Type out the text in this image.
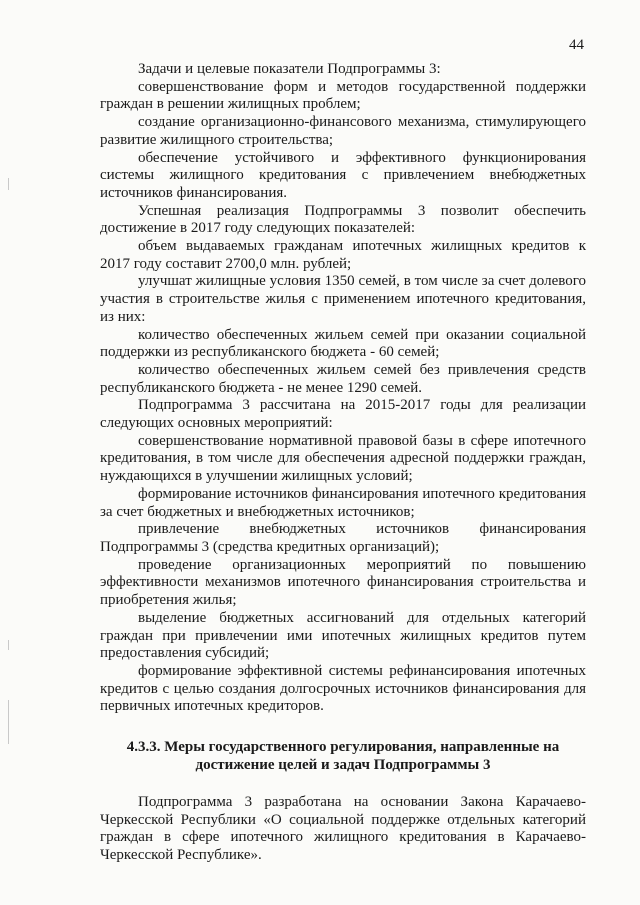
44

Задачи и целевые показатели Подпрограммы 3:

совершенствование форм и методов государственной поддержки граждан в решении жилищных проблем;

создание организационно-финансового механизма, стимулирующего развитие жилищного строительства;

обеспечение устойчивого и эффективного функционирования системы жилищного кредитования с привлечением внебюджетных источников финансирования.

Успешная реализация Подпрограммы 3 позволит обеспечить достижение в 2017 году следующих показателей:

объем выдаваемых гражданам ипотечных жилищных кредитов к 2017 году составит 2700,0 млн. рублей;

улучшат жилищные условия 1350 семей, в том числе за счет долевого участия в строительстве жилья с применением ипотечного кредитования, из них:

количество обеспеченных жильем семей при оказании социальной поддержки из республиканского бюджета - 60 семей;

количество обеспеченных жильем семей без привлечения средств республиканского бюджета - не менее 1290 семей.

Подпрограмма 3 рассчитана на 2015-2017 годы для реализации следующих основных мероприятий:

совершенствование нормативной правовой базы в сфере ипотечного кредитования, в том числе для обеспечения адресной поддержки граждан, нуждающихся в улучшении жилищных условий;

формирование источников финансирования ипотечного кредитования за счет бюджетных и внебюджетных источников;

привлечение внебюджетных источников финансирования Подпрограммы 3 (средства кредитных организаций);

проведение организационных мероприятий по повышению эффективности механизмов ипотечного финансирования строительства и приобретения жилья;

выделение бюджетных ассигнований для отдельных категорий граждан при привлечении ими ипотечных жилищных кредитов путем предоставления субсидий;

формирование эффективной системы рефинансирования ипотечных кредитов с целью создания долгосрочных источников финансирования для первичных ипотечных кредиторов.

4.3.3. Меры государственного регулирования, направленные на
достижение целей и задач Подпрограммы 3

Подпрограмма 3 разработана на основании Закона Карачаево-Черкесской Республики «О социальной поддержке отдельных категорий граждан в сфере ипотечного жилищного кредитования в Карачаево-Черкесской Республике».
